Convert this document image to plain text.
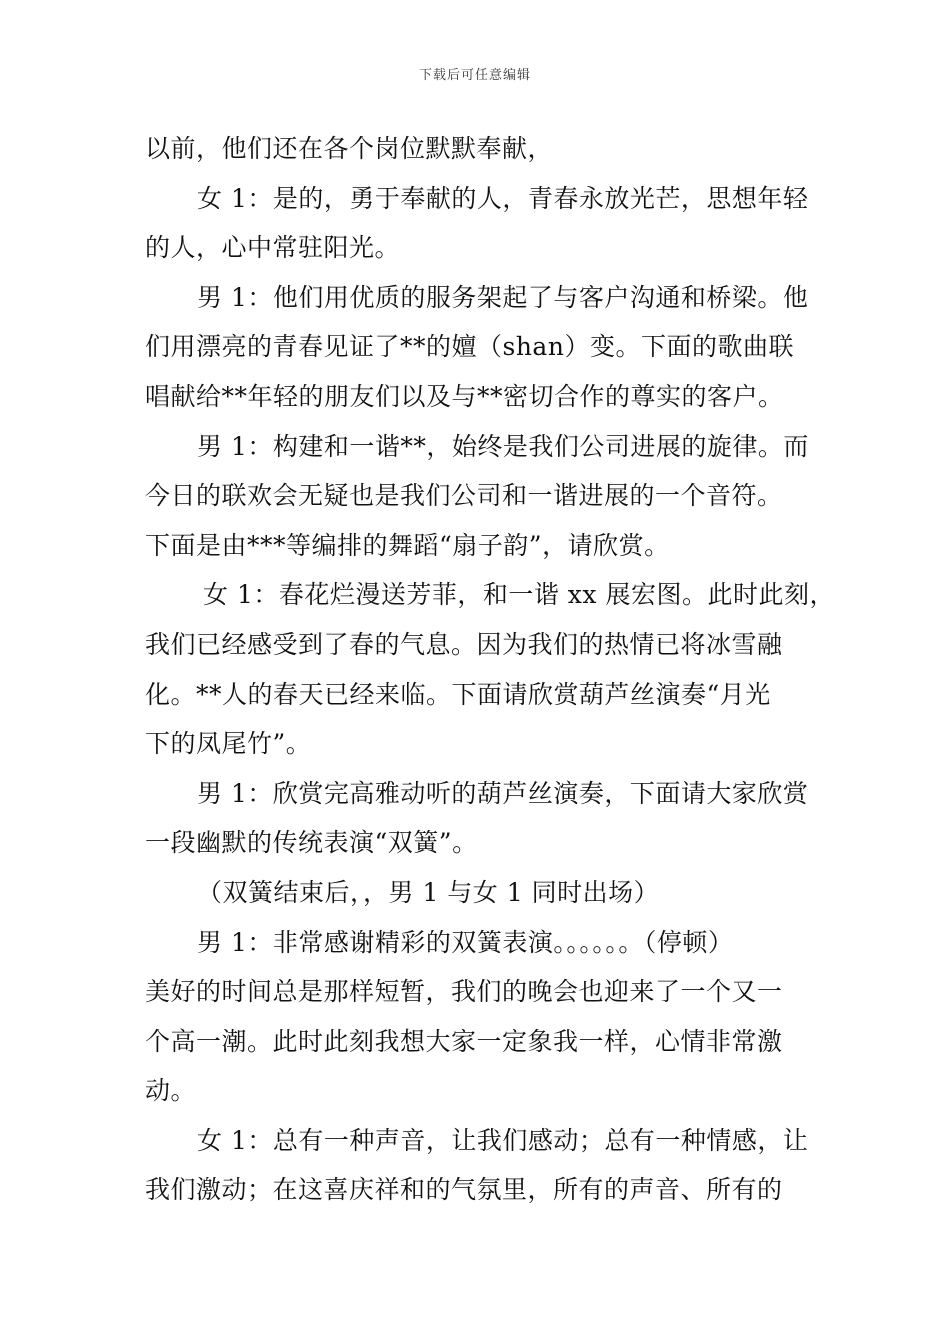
下载后可任意编辑
以前，他们还在各个岗位默默奉献，
女 1：是的，勇于奉献的人，青春永放光芒，思想年轻
的人，心中常驻阳光。
男 1：他们用优质的服务架起了与客户沟通和桥梁。他
们用漂亮的青春见证了**的嬗（shan）变。下面的歌曲联
唱献给**年轻的朋友们以及与**密切合作的尊实的客户。
男 1：构建和一谐**，始终是我们公司进展的旋律。而
今日的联欢会无疑也是我们公司和一谐进展的一个音符。
下面是由***等编排的舞蹈“扇子韵”，请欣赏。
女 1：春花烂漫送芳菲，和一谐 xx 展宏图。此时此刻，
我们已经感受到了春的气息。因为我们的热情已将冰雪融
化。**人的春天已经来临。下面请欣赏葫芦丝演奏“月光
下的凤尾竹”。
男 1：欣赏完高雅动听的葫芦丝演奏，下面请大家欣赏
一段幽默的传统表演“双簧”。
（双簧结束后，，男 1 与女 1 同时出场）
男 1：非常感谢精彩的双簧表演。。。。。。（停顿）
美好的时间总是那样短暂，我们的晚会也迎来了一个又一
个高一潮。此时此刻我想大家一定象我一样，心情非常激
动。
女 1：总有一种声音，让我们感动；总有一种情感，让
我们激动；在这喜庆祥和的气氛里，所有的声音、所有的
